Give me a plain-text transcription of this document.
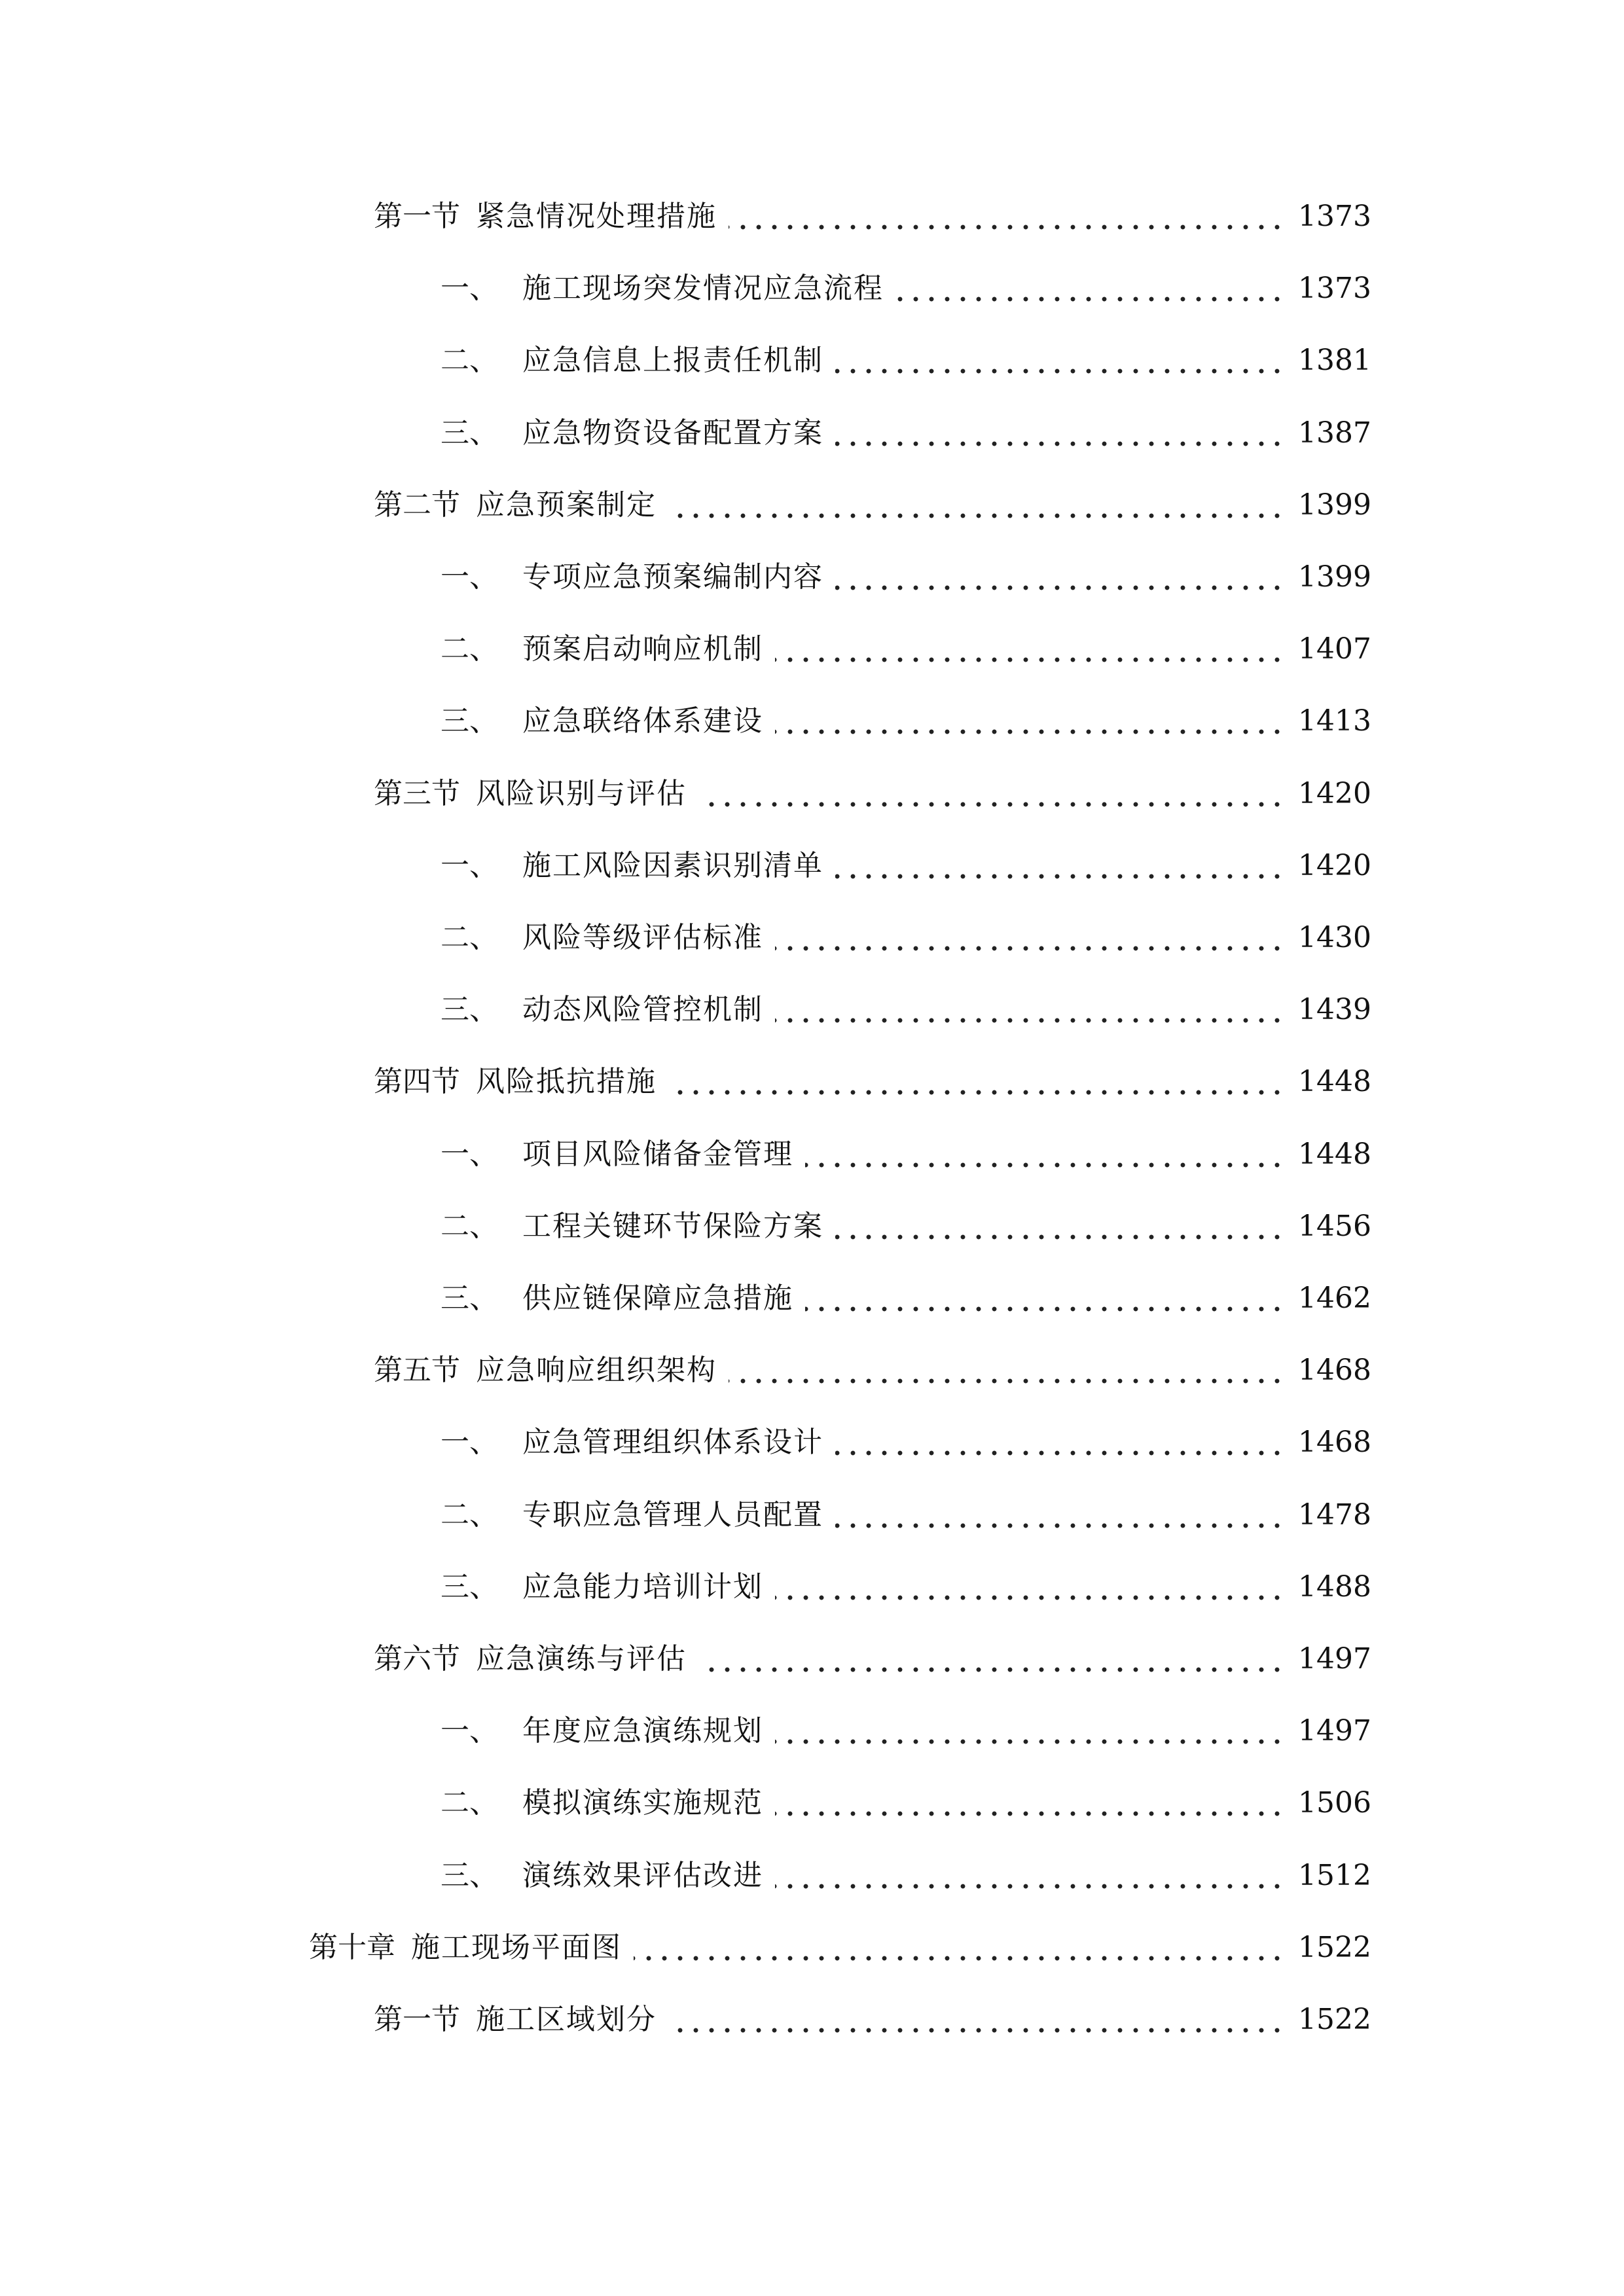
第一节 紧急情况处理措施	1373
一、 施工现场突发情况应急流程	1373
二、 应急信息上报责任机制	1381
三、 应急物资设备配置方案	1387
第二节 应急预案制定	1399
一、 专项应急预案编制内容	1399
二、 预案启动响应机制	1407
三、 应急联络体系建设	1413
第三节 风险识别与评估	1420
一、 施工风险因素识别清单	1420
二、 风险等级评估标准	1430
三、 动态风险管控机制	1439
第四节 风险抵抗措施	1448
一、 项目风险储备金管理	1448
二、 工程关键环节保险方案	1456
三、 供应链保障应急措施	1462
第五节 应急响应组织架构	1468
一、 应急管理组织体系设计	1468
二、 专职应急管理人员配置	1478
三、 应急能力培训计划	1488
第六节 应急演练与评估	1497
一、 年度应急演练规划	1497
二、 模拟演练实施规范	1506
三、 演练效果评估改进	1512
第十章 施工现场平面图	1522
第一节 施工区域划分	1522
